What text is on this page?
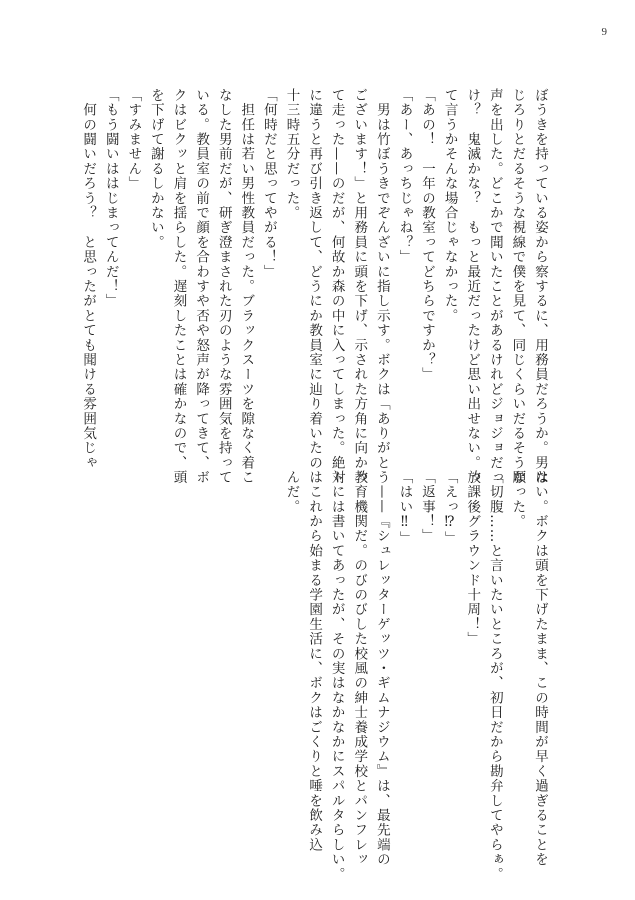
9
ぼうきを持っている姿から察するに、用務員だろうか。男は
じろりとだるそうな視線で僕を見て、同じくらいだるそうな
声を出した。どこかで聞いたことがあるけれどジョジョだっ
け？　鬼滅かな？　もっと最近だったけど思い出せない。っ
て言うかそんな場合じゃなかった。
「あの！　一年の教室ってどちらですか？」
「あー、あっちじゃね？」
　男は竹ぼうきでぞんざいに指し示す。ボクは「ありがとう
ございます！」と用務員に頭を下げ、示された方角に向かっ
て走った——のだが、何故か森の中に入ってしまった。絶対
に違うと再び引き返して、どうにか教員室に辿り着いたのは
十三時五分だった。
「何時だと思ってやがる！」
　担任は若い男性教員だった。ブラックスーツを隙なく着こ
なした男前だが、研ぎ澄まされた刃のような雰囲気を持って
いる。教員室の前で顔を合わすや否や怒声が降ってきて、ボ
クはビクッと肩を揺らした。遅刻したことは確かなので、頭
を下げて謝るしかない。
「すみません」
「もう闘いははじまってんだ！」
　何の闘いだろう？　と思ったがとても聞ける雰囲気じゃ
ない。ボクは頭を下げたまま、この時間が早く過ぎることを
願った。
「切腹……と言いたいところが、初日だから勘弁してやらぁ。
放課後グラウンド十周！」
「えっ⁉」
「返事！」
「はい‼」
　——『シュレッターゲッツ・ギムナジウム』は、最先端の
教育機関だ。のびのびした校風の紳士養成学校とパンフレッ
トには書いてあったが、その実はなかなかにスパルタらしい。
　これから始まる学園生活に、ボクはごくりと唾を飲み込
んだ。
